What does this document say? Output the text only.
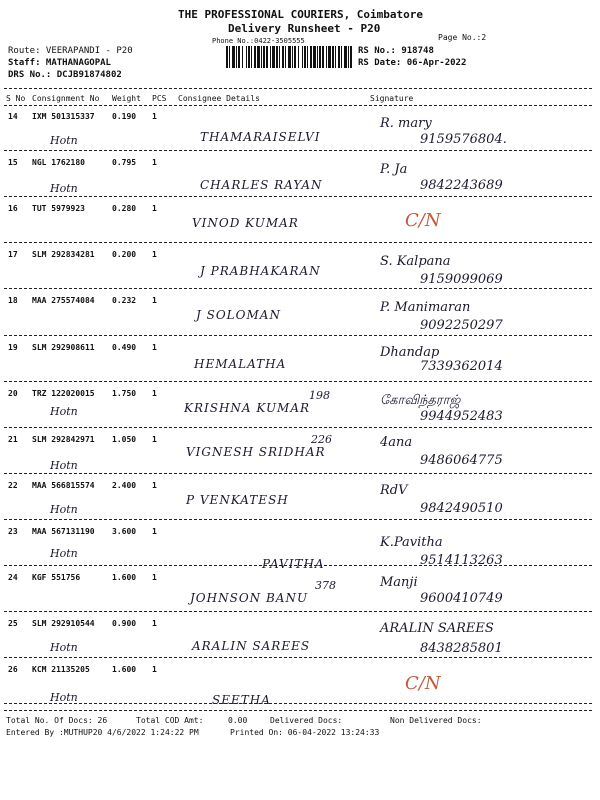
THE PROFESSIONAL COURIERS, Coimbatore
Delivery Runsheet - P20
Phone No.:0422-3505555	Page No.:2
Route: VEERAPANDI - P20
Staff: MATHANAGOPAL
DRS No.: DCJB91874802
RS No.: 918748
RS Date: 06-Apr-2022
S No Consignment No Weight PCS Consignee Details	Signature
14 IXM 501315337 0.190 1
Hotn	THAMARAISELVI
R. mary
9159576804.
15 NGL 1762180	0.795 1
Hotn	CHARLES RAYAN
P. Ja
9842243689
16 TUT 5979923	0.280 1
VINOD KUMAR	C/N
17 SLM 292834281 0.200 1
J PRABHAKARAN
S. Kalpana
9159099069
18 MAA 275574084 0.232 1
J SOLOMAN	P. Manimaran
9092250297
19 SLM 292908611 0.490 1
HEMALATHA
Dhandap
7339362014
20 TRZ 122020015 1.750 1
Hotn	KRISHNA KUMAR
198	கோவிந்தராஜ்
9944952483
21 SLM 292842971 1.050 1
Hotn
VIGNESH SRIDHAR
226	4ana
9486064775
22 MAA 566815574 2.400 1
Hotn
P VENKATESH
RdV
9842490510
23 MAA 567131190 3.600 1
Hotn
PAVITHA
K.Pavitha
9514113263
24 KGF 551756	1.600 1
JOHNSON BANU
378	Manji
9600410749
25 SLM 292910544 0.900 1
Hotn	ARALIN SAREES
ARALIN SAREES
8438285801
26 KCM 21135205	1.600 1
Hotn	SEETHA
C/N
Total No. Of Docs: 26	Total COD Amt:	0.00	Delivered Docs:	Non Delivered Docs:
Entered By :MUTHUP20 4/6/2022 1:24:22 PM	Printed On: 06-04-2022 13:24:33
